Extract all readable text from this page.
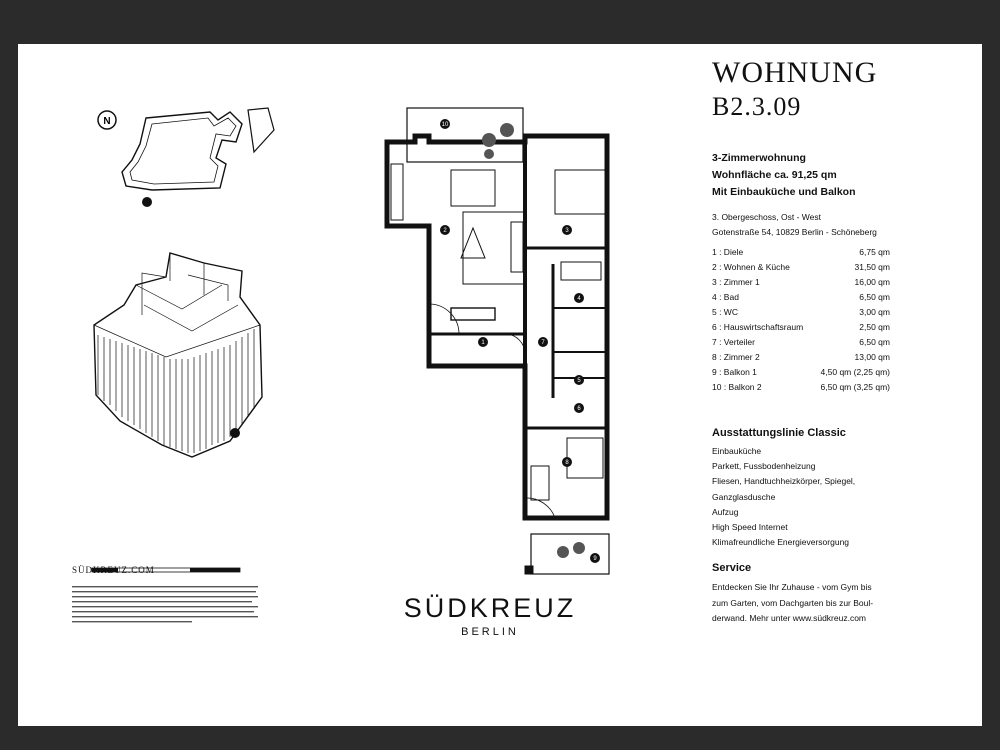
N
SÜDKREUZ.COM
1
2	3
4
5
6
7
8
9
10
WOHNUNG
B2.3.09
3-Zimmerwohnung
Wohnfläche ca. 91,25 qm
Mit Einbauküche und Balkon
3. Obergeschoss, Ost - West
Gotenstraße 54, 10829 Berlin - Schöneberg
1 : Diele	6,75 qm
2 : Wohnen & Küche	31,50 qm
3 : Zimmer 1	16,00 qm
4 : Bad	6,50 qm
5 : WC	3,00 qm
6 : Hauswirtschaftsraum	2,50 qm
7 : Verteiler	6,50 qm
8 : Zimmer 2	13,00 qm
9 : Balkon 1	4,50 qm (2,25 qm)
10 : Balkon 2	6,50 qm (3,25 qm)
Ausstattungslinie Classic
Einbauküche
Parkett, Fussbodenheizung
Fliesen, Handtuchheizkörper, Spiegel,
Ganzglasdusche
Aufzug
High Speed Internet
Klimafreundliche Energieversorgung
Service
Entdecken Sie Ihr Zuhause - vom Gym bis
zum Garten, vom Dachgarten bis zur Boul-
derwand. Mehr unter www.südkreuz.com
SÜDKREUZ
BERLIN
